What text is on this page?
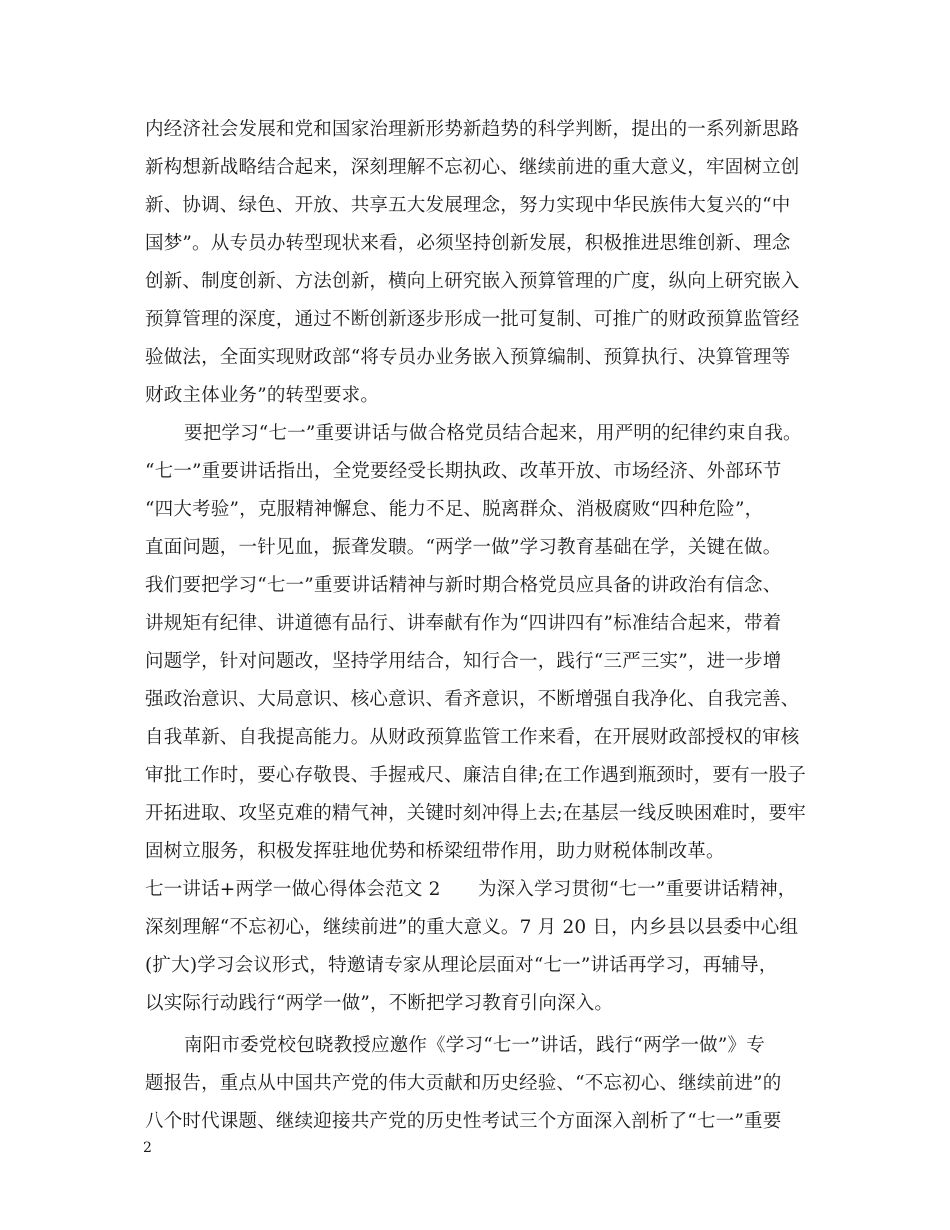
内经济社会发展和党和国家治理新形势新趋势的科学判断，提出的一系列新思路
新构想新战略结合起来，深刻理解不忘初心、继续前进的重大意义，牢固树立创
新、协调、绿色、开放、共享五大发展理念，努力实现中华民族伟大复兴的“中
国梦”。从专员办转型现状来看，必须坚持创新发展，积极推进思维创新、理念
创新、制度创新、方法创新，横向上研究嵌入预算管理的广度，纵向上研究嵌入
预算管理的深度，通过不断创新逐步形成一批可复制、可推广的财政预算监管经
验做法，全面实现财政部“将专员办业务嵌入预算编制、预算执行、决算管理等
财政主体业务”的转型要求。
要把学习“七一”重要讲话与做合格党员结合起来，用严明的纪律约束自我。
“七一”重要讲话指出，全党要经受长期执政、改革开放、市场经济、外部环节
“四大考验”，克服精神懈怠、能力不足、脱离群众、消极腐败“四种危险”，
直面问题，一针见血，振聋发聩。“两学一做”学习教育基础在学，关键在做。
我们要把学习“七一”重要讲话精神与新时期合格党员应具备的讲政治有信念、
讲规矩有纪律、讲道德有品行、讲奉献有作为“四讲四有”标准结合起来，带着
问题学，针对问题改，坚持学用结合，知行合一，践行“三严三实”，进一步增
强政治意识、大局意识、核心意识、看齐意识，不断增强自我净化、自我完善、
自我革新、自我提高能力。从财政预算监管工作来看，在开展财政部授权的审核
审批工作时，要心存敬畏、手握戒尺、廉洁自律;在工作遇到瓶颈时，要有一股子
开拓进取、攻坚克难的精气神，关键时刻冲得上去;在基层一线反映困难时，要牢
固树立服务，积极发挥驻地优势和桥梁纽带作用，助力财税体制改革。
七一讲话+两学一做心得体会范文 2　　为深入学习贯彻“七一”重要讲话精神，
深刻理解“不忘初心，继续前进”的重大意义。7 月 20 日，内乡县以县委中心组
(扩大)学习会议形式，特邀请专家从理论层面对“七一”讲话再学习，再辅导，
以实际行动践行“两学一做”，不断把学习教育引向深入。
南阳市委党校包晓教授应邀作《学习“七一”讲话，践行“两学一做”》专
题报告，重点从中国共产党的伟大贡献和历史经验、“不忘初心、继续前进”的
八个时代课题、继续迎接共产党的历史性考试三个方面深入剖析了“七一”重要
2
